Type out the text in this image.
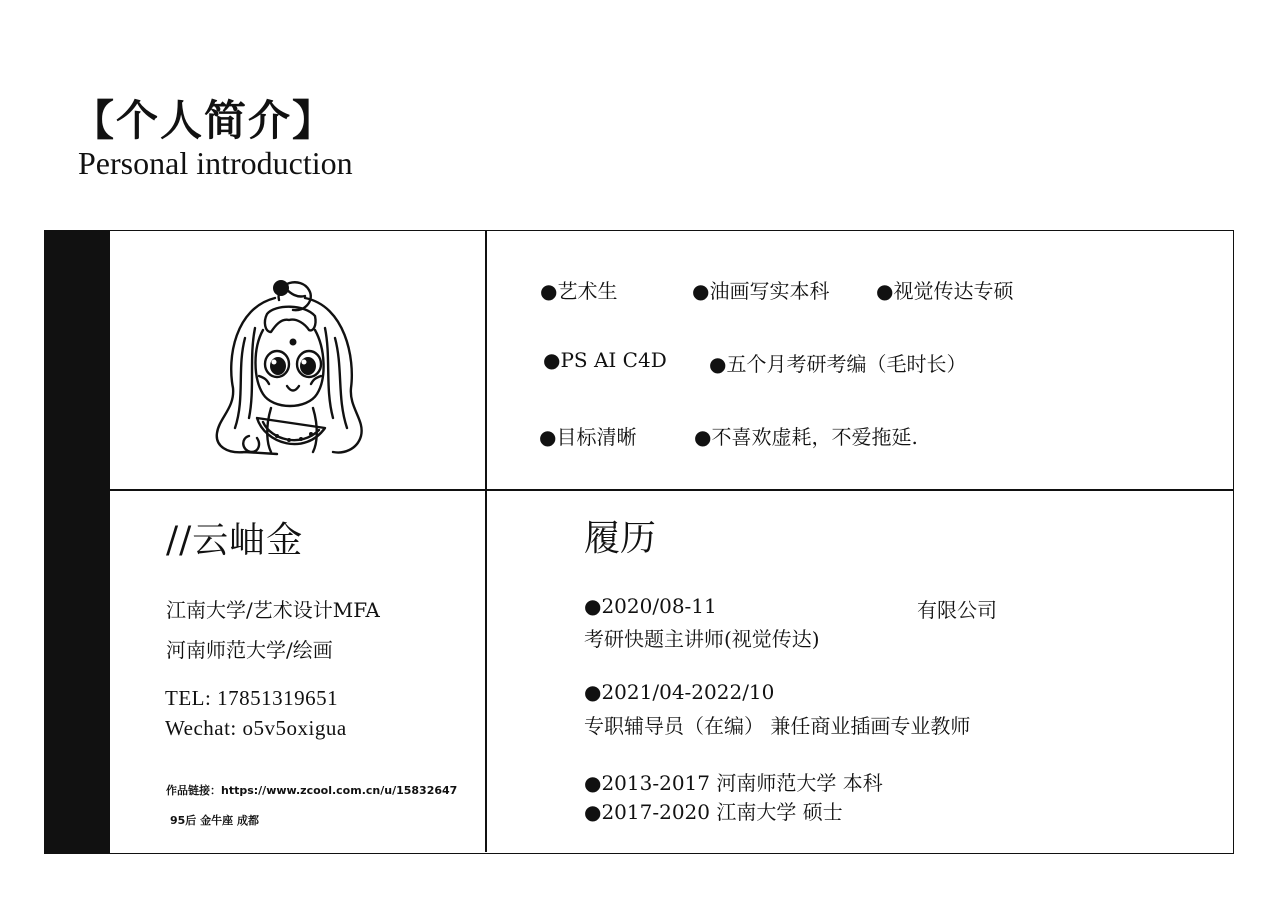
【个人简介】
Personal introduction
●艺术生	●油画写实本科 ●视觉传达专硕
●PS AI C4D ●五个月考研考编（毛时长）
●目标清晰	●不喜欢虚耗，不爱拖延.
//云岫金
江南大学/艺术设计MFA
河南师范大学/绘画
TEL: 17851319651
Wechat: o5v5oxigua
作品链接：https://www.zcool.com.cn/u/15832647
95后 金牛座 成都
履历
●2020/08-11	有限公司
考研快题主讲师(视觉传达)
●2021/04-2022/10
专职辅导员（在编） 兼任商业插画专业教师
●2013-2017 河南师范大学 本科
●2017-2020 江南大学 硕士
